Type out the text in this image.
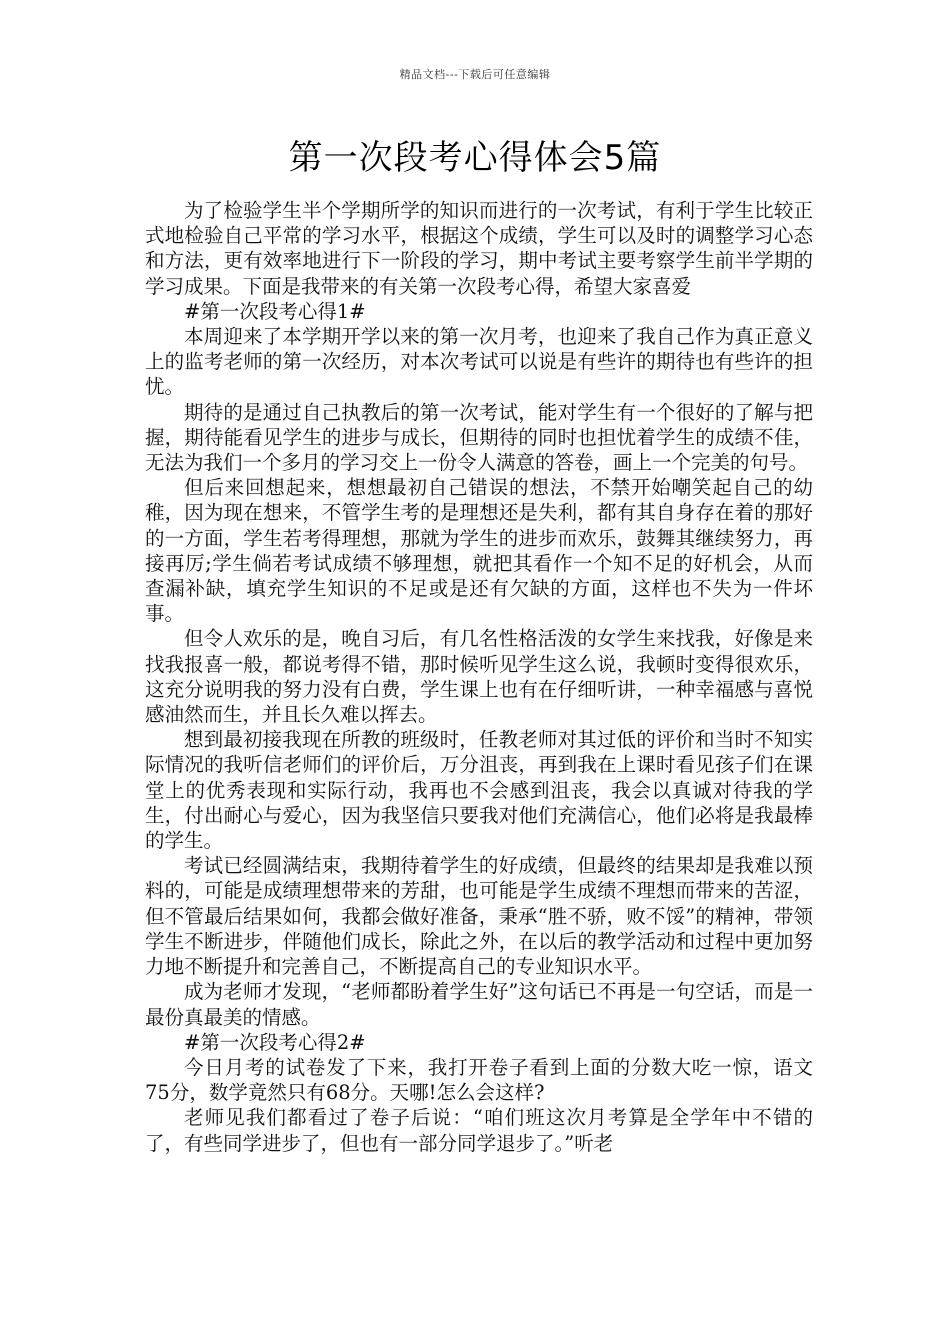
精品文档---下载后可任意编辑
第一次段考心得体会5篇

为了检验学生半个学期所学的知识而进行的一次考试，有利于学生比较正式地检验自己平常的学习水平，根据这个成绩，学生可以及时的调整学习心态和方法，更有效率地进行下一阶段的学习，期中考试主要考察学生前半学期的学习成果。下面是我带来的有关第一次段考心得，希望大家喜爱

#第一次段考心得1#

本周迎来了本学期开学以来的第一次月考，也迎来了我自己作为真正意义上的监考老师的第一次经历，对本次考试可以说是有些许的期待也有些许的担忧。

期待的是通过自己执教后的第一次考试，能对学生有一个很好的了解与把握，期待能看见学生的进步与成长，但期待的同时也担忧着学生的成绩不佳，无法为我们一个多月的学习交上一份令人满意的答卷，画上一个完美的句号。

但后来回想起来，想想最初自己错误的想法，不禁开始嘲笑起自己的幼稚，因为现在想来，不管学生考的是理想还是失利，都有其自身存在着的那好的一方面，学生若考得理想，那就为学生的进步而欢乐，鼓舞其继续努力，再接再厉;学生倘若考试成绩不够理想，就把其看作一个知不足的好机会，从而查漏补缺，填充学生知识的不足或是还有欠缺的方面，这样也不失为一件坏事。

但令人欢乐的是，晚自习后，有几名性格活泼的女学生来找我，好像是来找我报喜一般，都说考得不错，那时候听见学生这么说，我顿时变得很欢乐，这充分说明我的努力没有白费，学生课上也有在仔细听讲，一种幸福感与喜悦感油然而生，并且长久难以挥去。

想到最初接我现在所教的班级时，任教老师对其过低的评价和当时不知实际情况的我听信老师们的评价后，万分沮丧，再到我在上课时看见孩子们在课堂上的优秀表现和实际行动，我再也不会感到沮丧，我会以真诚对待我的学生，付出耐心与爱心，因为我坚信只要我对他们充满信心，他们必将是我最棒的学生。

考试已经圆满结束，我期待着学生的好成绩，但最终的结果却是我难以预料的，可能是成绩理想带来的芳甜，也可能是学生成绩不理想而带来的苦涩，但不管最后结果如何，我都会做好准备，秉承“胜不骄，败不馁”的精神，带领学生不断进步，伴随他们成长，除此之外，在以后的教学活动和过程中更加努力地不断提升和完善自己，不断提高自己的专业知识水平。

成为老师才发现，“老师都盼着学生好”这句话已不再是一句空话，而是一最份真最美的情感。

#第一次段考心得2#

今日月考的试卷发了下来，我打开卷子看到上面的分数大吃一惊，语文75分，数学竟然只有68分。天哪!怎么会这样?

老师见我们都看过了卷子后说：“咱们班这次月考算是全学年中不错的了，有些同学进步了，但也有一部分同学退步了。”听老
